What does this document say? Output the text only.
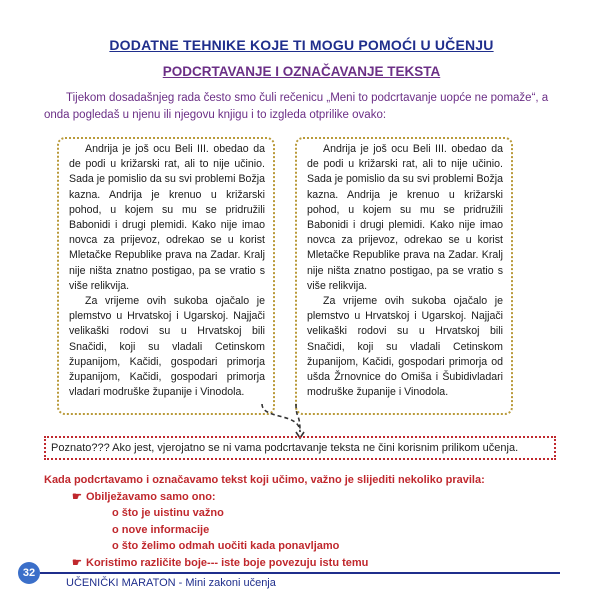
DODATNE TEHNIKE KOJE TI MOGU POMOĆI U UČENJU
PODCRTAVANJE I OZNAČAVANJE TEKSTA
Tijekom dosadašnjeg rada često smo čuli rečenicu „Meni to podcrtavanje uopće ne pomaže“, a onda pogledaš u njenu ili njegovu knjigu i to izgleda otprilike ovako:

Andrija je još ocu Beli III. obedao da de podi u križarski rat, ali to nije učinio. Sada je pomislio da su svi problemi Božja kazna. Andrija je krenuo u križarski pohod, u kojem su mu se pridružili Babonidi i drugi plemidi. Kako nije imao novca za prijevoz, odrekao se u korist Mletačke Republike prava na Zadar. Kralj nije ništa znatno postigao, pa se vratio s više relikvija.

Za vrijeme ovih sukoba ojačalo je plemstvo u Hrvatskoj i Ugarskoj. Najjači velikaški rodovi su u Hrvatskoj bili Snačidi, koji su vladali Cetinskom županijom, Kačidi, gospodari primorja županijom, Kačidi, gospodari primorja vladari modruške županije i Vinodola.

Andrija je još ocu Beli III. obedao da de podi u križarski rat, ali to nije učinio. Sada je pomislio da su svi problemi Božja kazna. Andrija je krenuo u križarski pohod, u kojem su mu se pridružili Babonidi i drugi plemidi. Kako nije imao novca za prijevoz, odrekao se u korist Mletačke Republike prava na Zadar. Kralj nije ništa znatno postigao, pa se vratio s više relikvija.

Za vrijeme ovih sukoba ojačalo je plemstvo u Hrvatskoj i Ugarskoj. Najjači velikaški rodovi su u Hrvatskoj bili Snačidi, koji su vladali Cetinskom županijom, Kačidi, gospodari primorja od ušda Žrnovnice do Omiša i Šubidivladari modruške županije i Vinodola.

Poznato??? Ako jest, vjerojatno se ni vama podcrtavanje teksta ne čini korisnim prilikom učenja.
Kada podcrtavamo i označavamo tekst koji učimo, važno je slijediti nekoliko pravila:
☛ Obilježavamo samo ono:
o što je uistinu važno
o nove informacije
o što želimo odmah uočiti kada ponavljamo
☛ Koristimo različite boje--- iste boje povezuju istu temu
32
UČENIČKI MARATON - Mini zakoni učenja
